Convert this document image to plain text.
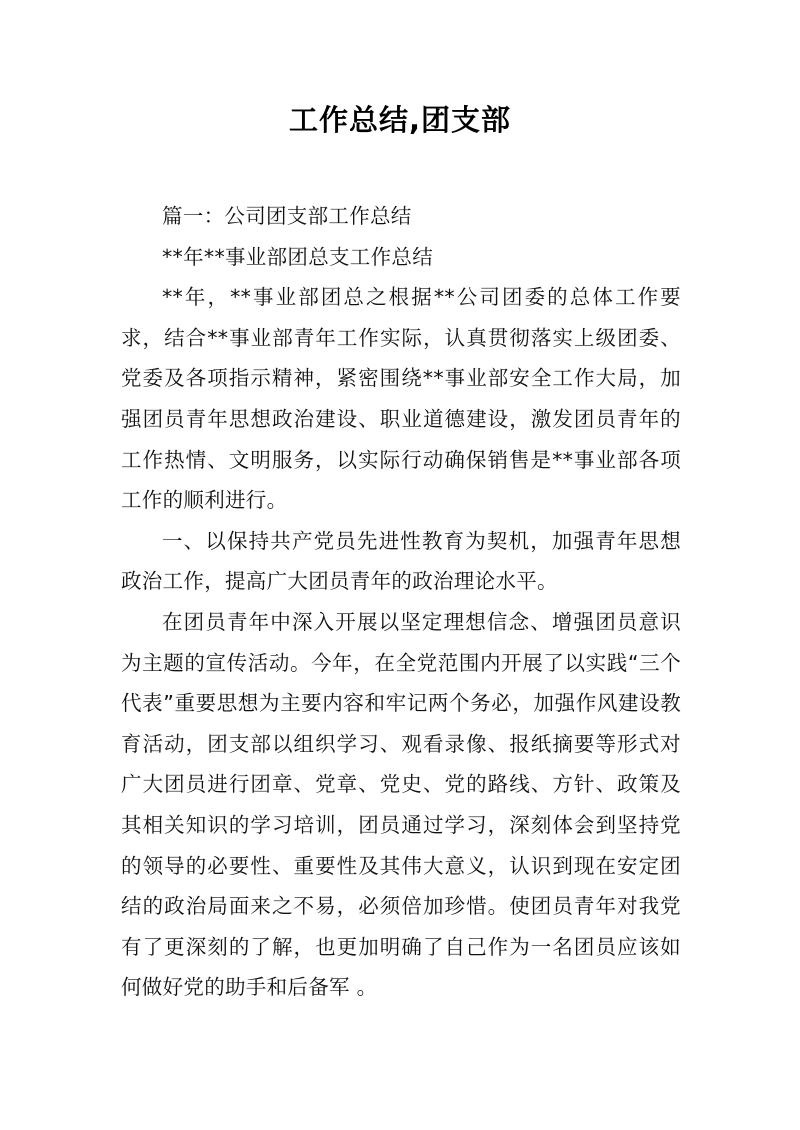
工作总结,团支部

篇一：公司团支部工作总结

**年**事业部团总支工作总结

**年，**事业部团总之根据**公司团委的总体工作要求，结合**事业部青年工作实际，认真贯彻落实上级团委、党委及各项指示精神，紧密围绕**事业部安全工作大局，加强团员青年思想政治建设、职业道德建设，激发团员青年的工作热情、文明服务，以实际行动确保销售是**事业部各项工作的顺利进行。

一、以保持共产党员先进性教育为契机，加强青年思想政治工作，提高广大团员青年的政治理论水平。

在团员青年中深入开展以坚定理想信念、增强团员意识为主题的宣传活动。今年，在全党范围内开展了以实践“三个代表”重要思想为主要内容和牢记两个务必，加强作风建设教育活动，团支部以组织学习、观看录像、报纸摘要等形式对广大团员进行团章、党章、党史、党的路线、方针、政策及其相关知识的学习培训，团员通过学习，深刻体会到坚持党的领导的必要性、重要性及其伟大意义，认识到现在安定团结的政治局面来之不易，必须倍加珍惜。使团员青年对我党有了更深刻的了解，也更加明确了自己作为一名团员应该如何做好党的助手和后备军 。
